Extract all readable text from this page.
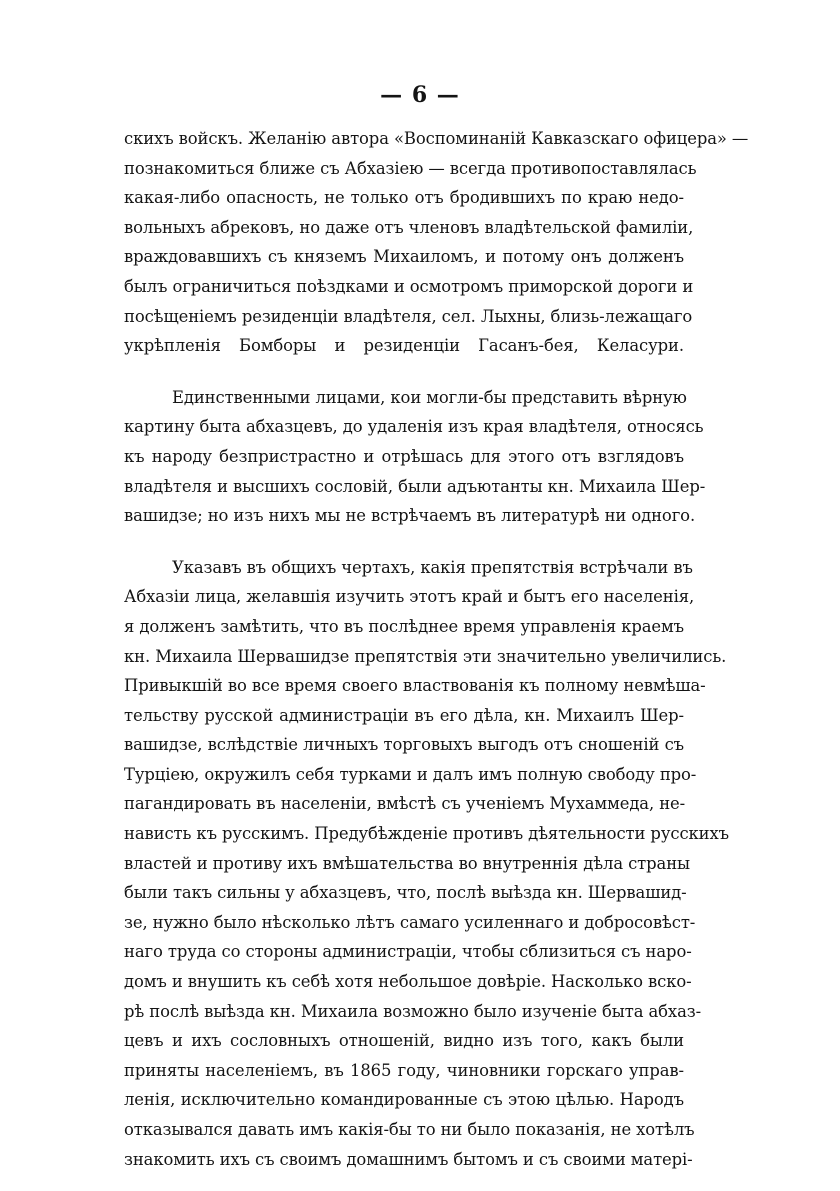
— 6 —
скихъ войскъ. Желанію автора «Воспоминаній Кавказскаго офицера» —
познакомиться ближе съ Абхазіею — всегда противопоставлялась
какая-либо опасность, не только отъ бродившихъ по краю недо-
вольныхъ абрековъ, но даже отъ членовъ владѣтельской фамиліи,
враждовавшихъ съ княземъ Михаиломъ, и потому онъ долженъ
былъ ограничиться поѣздками и осмотромъ приморской дороги и
посѣщеніемъ резиденціи владѣтеля, сел. Лыхны, близь-лежащаго
укрѣпленія Бомборы и резиденціи Гасанъ-бея, Келасури.
Единственными лицами, кои могли-бы представить вѣрную
картину быта абхазцевъ, до удаленія изъ края владѣтеля, относясь
къ народу безпристрастно и отрѣшась для этого отъ взглядовъ
владѣтеля и высшихъ сословій, были адъютанты кн. Михаила Шер-
вашидзе; но изъ нихъ мы не встрѣчаемъ въ литературѣ ни одного.
Указавъ въ общихъ чертахъ, какія препятствія встрѣчали въ
Абхазіи лица, желавшія изучить этотъ край и бытъ его населенія,
я долженъ замѣтить, что въ послѣднее время управленія краемъ
кн. Михаила Шервашидзе препятствія эти значительно увеличились.
Привыкшій во все время своего властвованія къ полному невмѣша-
тельству русской администраціи въ его дѣла, кн. Михаилъ Шер-
вашидзе, вслѣдствіе личныхъ торговыхъ выгодъ отъ сношеній съ
Турціею, окружилъ себя турками и далъ имъ полную свободу про-
пагандировать въ населеніи, вмѣстѣ съ ученіемъ Мухаммеда, не-
нависть къ русскимъ. Предубѣжденіе противъ дѣятельности русскихъ
властей и противу ихъ вмѣшательства во внутреннія дѣла страны
были такъ сильны у абхазцевъ, что, послѣ выѣзда кн. Шервашид-
зе, нужно было нѣсколько лѣтъ самаго усиленнаго и добросовѣст-
наго труда со стороны администраціи, чтобы сблизиться съ наро-
домъ и внушить къ себѣ хотя небольшое довѣріе. Насколько вско-
рѣ послѣ выѣзда кн. Михаила возможно было изученіе быта абхаз-
цевъ и ихъ сословныхъ отношеній, видно изъ того, какъ были
приняты населеніемъ, въ 1865 году, чиновники горскаго управ-
ленія, исключительно командированные съ этою цѣлью. Народъ
отказывался давать имъ какія-бы то ни было показанія, не хотѣлъ
знакомить ихъ съ своимъ домашнимъ бытомъ и съ своими матері-
